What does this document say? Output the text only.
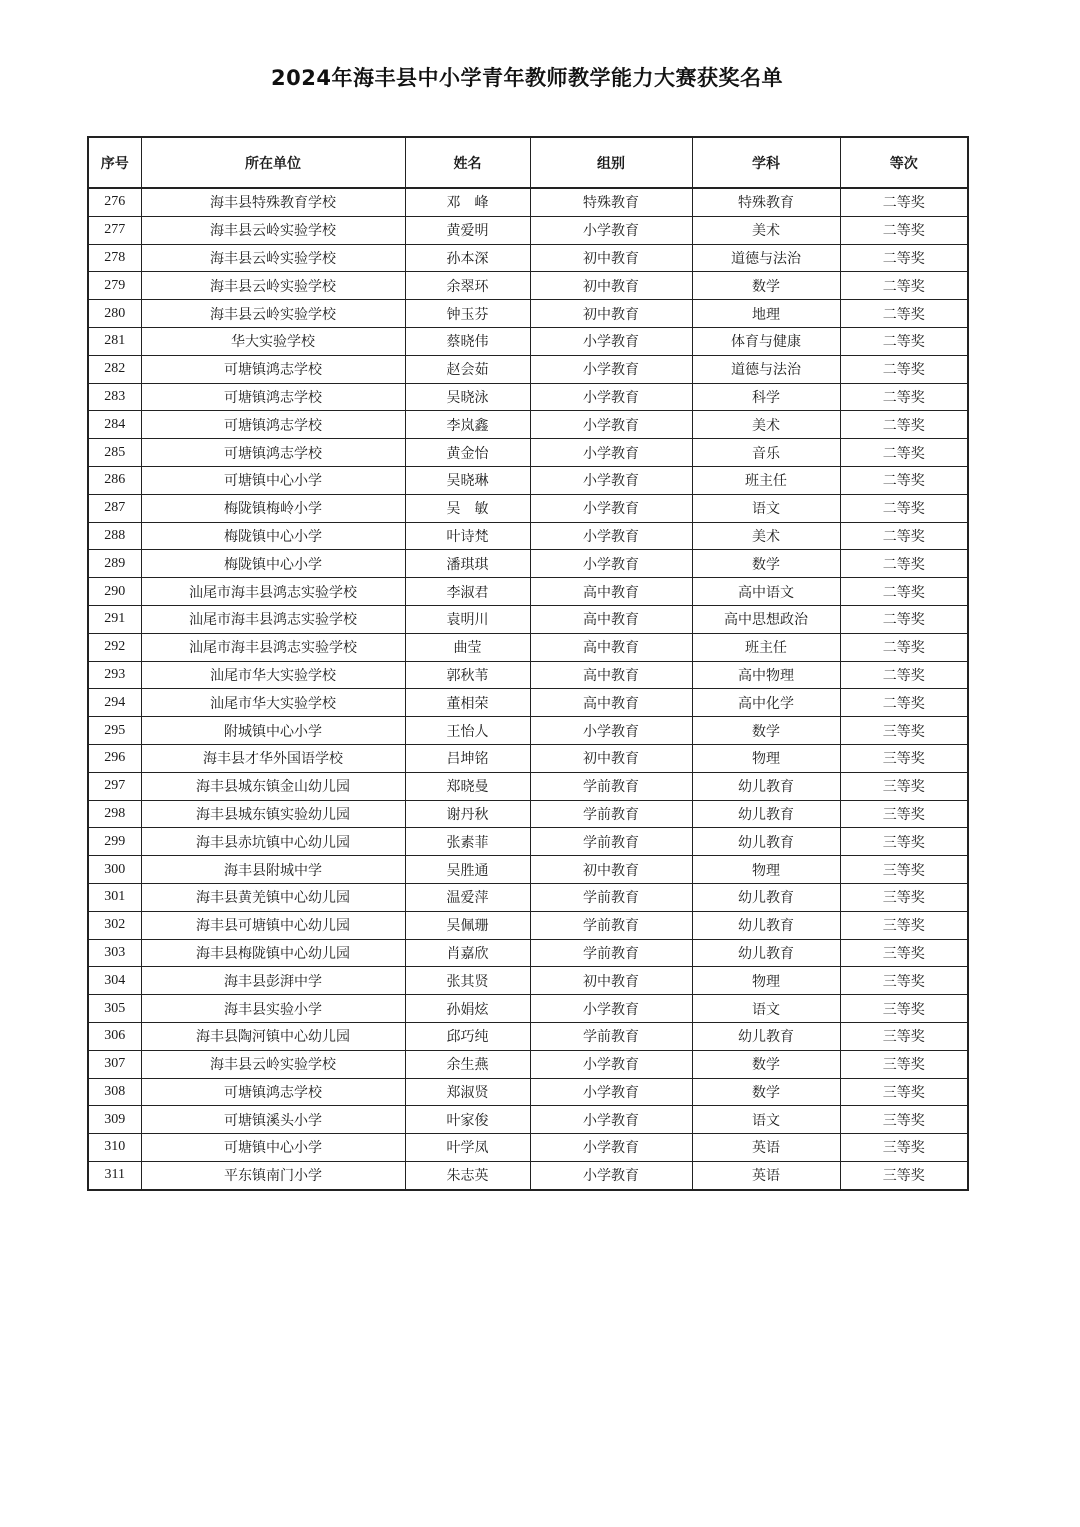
2024年海丰县中小学青年教师教学能力大赛获奖名单
序号	所在单位	姓名	组别	学科	等次
276	海丰县特殊教育学校	邓　峰	特殊教育	特殊教育	二等奖
277	海丰县云岭实验学校	黄爱明	小学教育	美术	二等奖
278	海丰县云岭实验学校	孙本深	初中教育	道德与法治	二等奖
279	海丰县云岭实验学校	余翠环	初中教育	数学	二等奖
280	海丰县云岭实验学校	钟玉芬	初中教育	地理	二等奖
281	华大实验学校	蔡晓伟	小学教育	体育与健康	二等奖
282	可塘镇鸿志学校	赵会茹	小学教育	道德与法治	二等奖
283	可塘镇鸿志学校	吴晓泳	小学教育	科学	二等奖
284	可塘镇鸿志学校	李岚鑫	小学教育	美术	二等奖
285	可塘镇鸿志学校	黄金怡	小学教育	音乐	二等奖
286	可塘镇中心小学	吴晓琳	小学教育	班主任	二等奖
287	梅陇镇梅岭小学	吴　敏	小学教育	语文	二等奖
288	梅陇镇中心小学	叶诗梵	小学教育	美术	二等奖
289	梅陇镇中心小学	潘琪琪	小学教育	数学	二等奖
290	汕尾市海丰县鸿志实验学校	李淑君	高中教育	高中语文	二等奖
291	汕尾市海丰县鸿志实验学校	袁明川	高中教育	高中思想政治	二等奖
292	汕尾市海丰县鸿志实验学校	曲莹	高中教育	班主任	二等奖
293	汕尾市华大实验学校	郭秋苇	高中教育	高中物理	二等奖
294	汕尾市华大实验学校	董相荣	高中教育	高中化学	二等奖
295	附城镇中心小学	王怡人	小学教育	数学	三等奖
296	海丰县才华外国语学校	吕坤铭	初中教育	物理	三等奖
297	海丰县城东镇金山幼儿园	郑晓曼	学前教育	幼儿教育	三等奖
298	海丰县城东镇实验幼儿园	谢丹秋	学前教育	幼儿教育	三等奖
299	海丰县赤坑镇中心幼儿园	张素菲	学前教育	幼儿教育	三等奖
300	海丰县附城中学	吴胜通	初中教育	物理	三等奖
301	海丰县黄羌镇中心幼儿园	温爱萍	学前教育	幼儿教育	三等奖
302	海丰县可塘镇中心幼儿园	吴佩珊	学前教育	幼儿教育	三等奖
303	海丰县梅陇镇中心幼儿园	肖嘉欣	学前教育	幼儿教育	三等奖
304	海丰县彭湃中学	张其贤	初中教育	物理	三等奖
305	海丰县实验小学	孙娟炫	小学教育	语文	三等奖
306	海丰县陶河镇中心幼儿园	邱巧纯	学前教育	幼儿教育	三等奖
307	海丰县云岭实验学校	余生燕	小学教育	数学	三等奖
308	可塘镇鸿志学校	郑淑贤	小学教育	数学	三等奖
309	可塘镇溪头小学	叶家俊	小学教育	语文	三等奖
310	可塘镇中心小学	叶学凤	小学教育	英语	三等奖
311	平东镇南门小学	朱志英	小学教育	英语	三等奖
